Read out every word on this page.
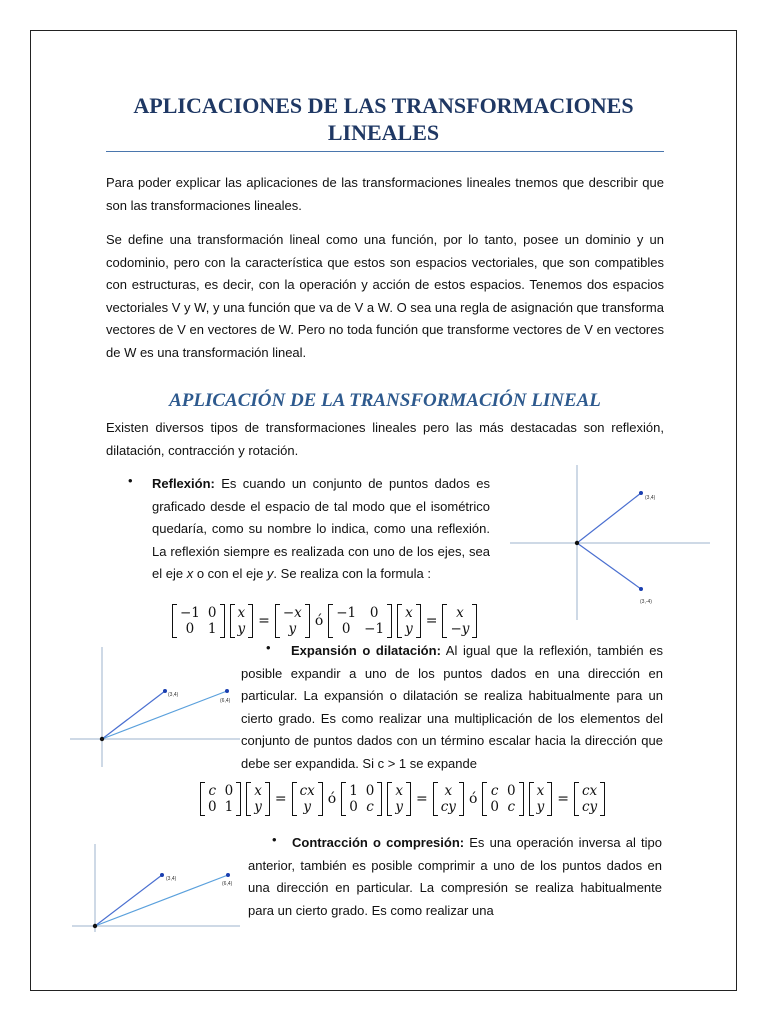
APLICACIONES DE LAS TRANSFORMACIONES LINEALES
Para poder explicar las aplicaciones de las transformaciones lineales tnemos que describir que son las transformaciones lineales.
Se define una transformación lineal como una función, por lo tanto, posee un dominio y un codominio, pero con la característica que estos son espacios vectoriales, que son compatibles con estructuras, es decir, con la operación y acción de estos espacios. Tenemos dos espacios vectoriales V y W, y una función que va de V a W. O sea una regla de asignación que transforma vectores de V en vectores de W. Pero no toda función que transforme vectores de V en vectores de W es una transformación lineal.
APLICACIÓN DE LA TRANSFORMACIÓN LINEAL
Existen diversos tipos de transformaciones lineales pero las más destacadas son reflexión, dilatación, contracción y rotación.
• Reflexión: Es cuando un conjunto de puntos dados es graficado desde el espacio de tal modo que el isométrico quedaría, como su nombre lo indica, como una reflexión. La reflexión siempre es realizada con uno de los ejes, sea el eje x o con el eje y. Se realiza con la formula :
−1 0
0	1
x
y = −x
y	ó −1	0
0	−1
x
y =	x
−y
(3,4)
(3,-4)
(3,4)
(6,4)
•	Expansión o dilatación: Al igual que la reflexión, también es posible expandir a uno de los puntos dados en una dirección en particular. La expansión o dilatación se realiza habitualmente para un cierto grado. Es como realizar una multiplicación de los elementos del conjunto de puntos dados con un término escalar hacia la dirección que debe ser expandida. Si c > 1 se expande
c 0
0 1
x
y = cx
y ó 1 0
0 c
x
y = x
cy ó c 0
0 c
x
y = cx
cy
(3,4)
(6,4)
•	Contracción o compresión: Es una operación inversa al tipo anterior, también es posible comprimir a uno de los puntos dados en una dirección en particular. La compresión se realiza habitualmente para un cierto grado. Es como realizar una
